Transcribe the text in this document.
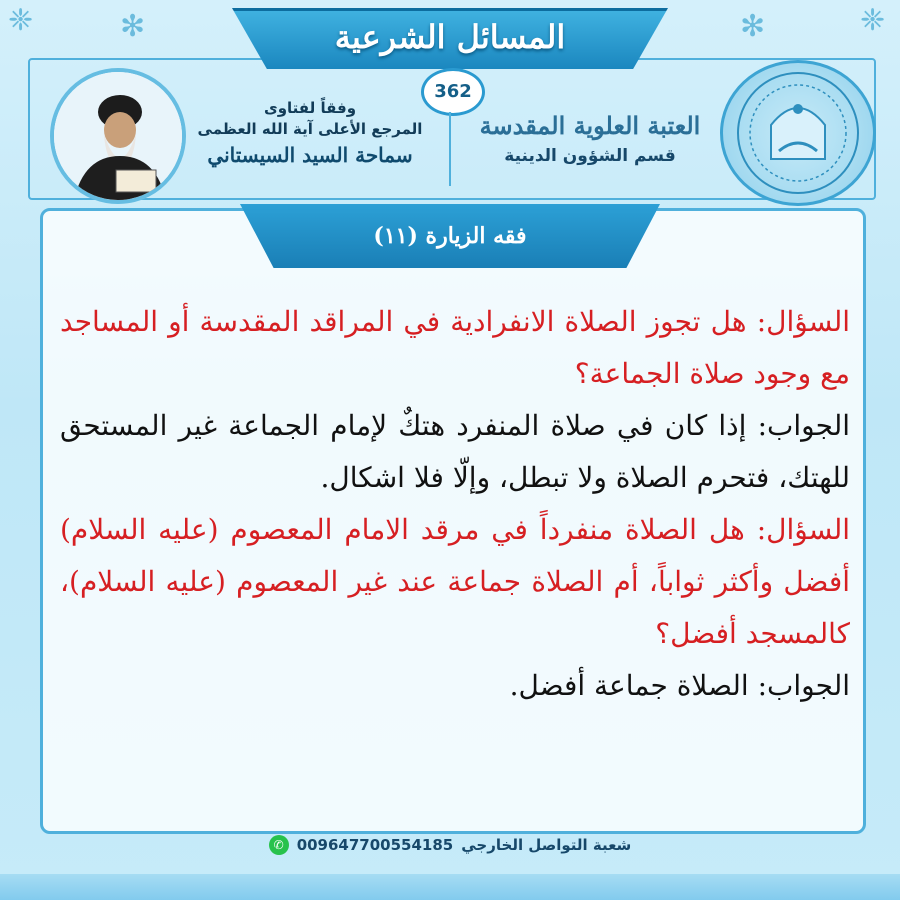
❈	✻	✻	❈
المسائل الشرعية
362
وفقاً لفتاوى
المرجع الأعلى آية الله العظمى
سماحة السيد السيستاني
العتبة العلوية المقدسة
قسم الشؤون الدينية
فقه الزيارة (١١)
السؤال: هل تجوز الصلاة الانفرادية في المراقد المقدسة أو المساجد مع وجود صلاة الجماعة؟
الجواب: إذا كان في صلاة المنفرد هتكٌ لإمام الجماعة غير المستحق للهتك، فتحرم الصلاة ولا تبطل، وإلّا فلا اشكال.
السؤال: هل الصلاة منفرداً في مرقد الامام المعصوم (عليه السلام) أفضل وأكثر ثواباً، أم الصلاة جماعة عند غير المعصوم (عليه السلام)، كالمسجد أفضل؟
الجواب: الصلاة جماعة أفضل.
✆ 009647700554185 شعبة التواصل الخارجي
